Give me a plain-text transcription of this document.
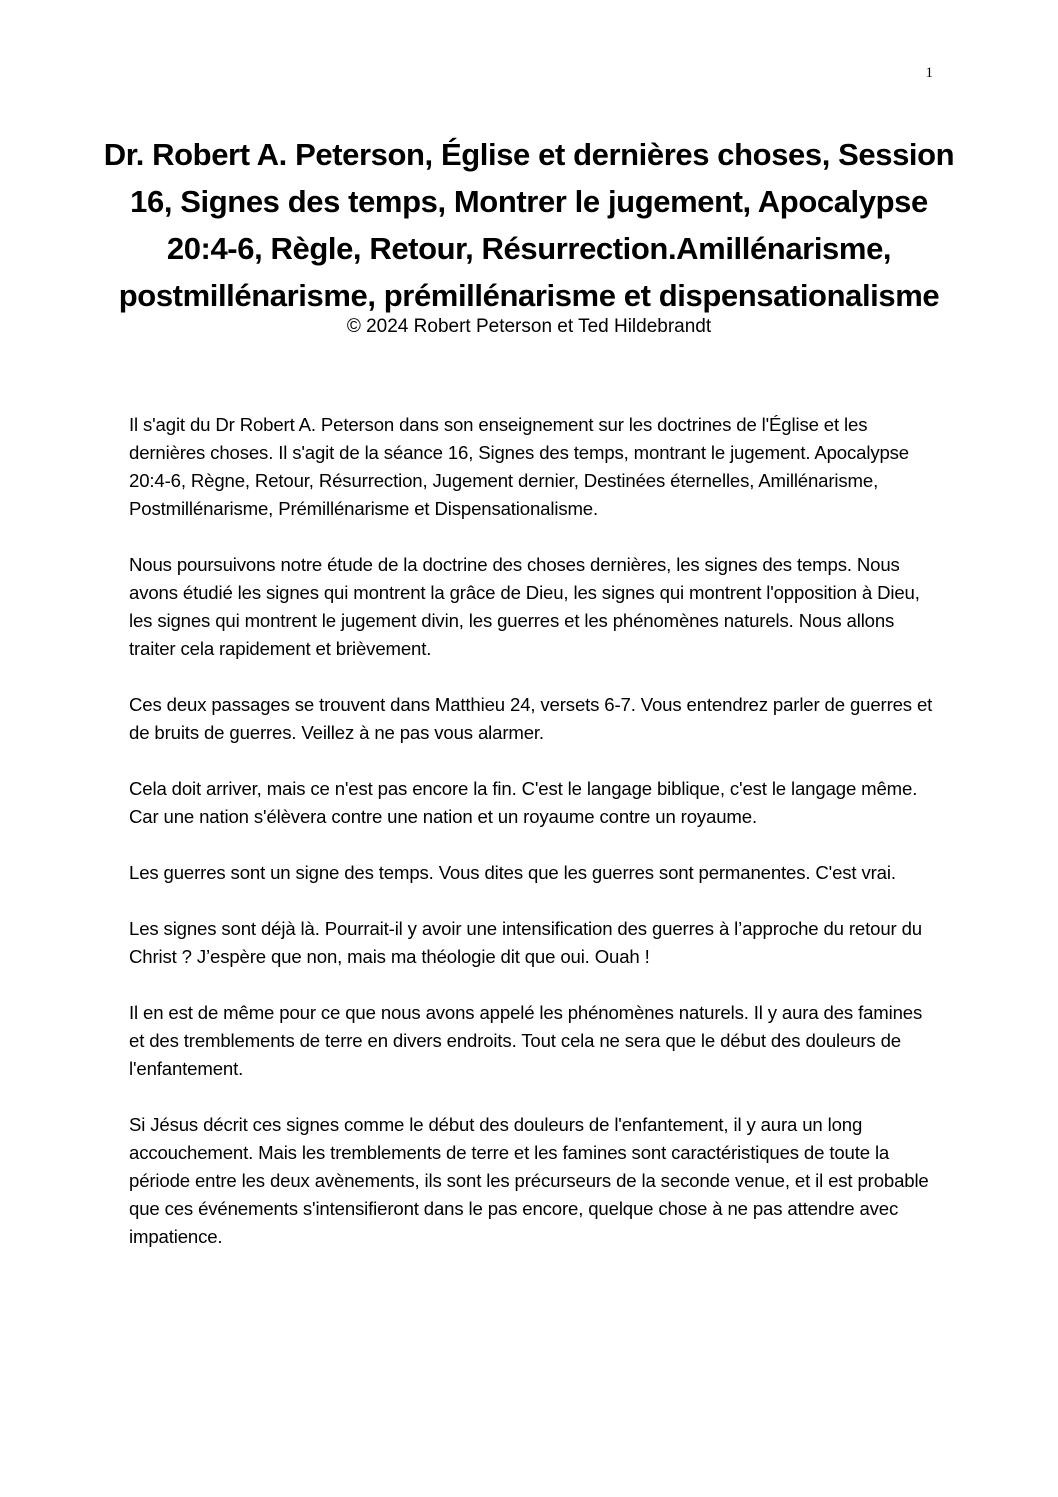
1
Dr. Robert A. Peterson, Église et dernières choses, Session 16, Signes des temps, Montrer le jugement, Apocalypse 20:4-6, Règle, Retour, Résurrection.Amillénarisme, postmillénarisme, prémillénarisme et dispensationalisme

© 2024 Robert Peterson et Ted Hildebrandt

Il s'agit du Dr Robert A. Peterson dans son enseignement sur les doctrines de l'Église et les dernières choses. Il s'agit de la séance 16, Signes des temps, montrant le jugement. Apocalypse 20:4-6, Règne, Retour, Résurrection, Jugement dernier, Destinées éternelles, Amillénarisme, Postmillénarisme, Prémillénarisme et Dispensationalisme.

Nous poursuivons notre étude de la doctrine des choses dernières, les signes des temps. Nous avons étudié les signes qui montrent la grâce de Dieu, les signes qui montrent l'opposition à Dieu, les signes qui montrent le jugement divin, les guerres et les phénomènes naturels. Nous allons traiter cela rapidement et brièvement.

Ces deux passages se trouvent dans Matthieu 24, versets 6-7. Vous entendrez parler de guerres et de bruits de guerres. Veillez à ne pas vous alarmer.

Cela doit arriver, mais ce n'est pas encore la fin. C'est le langage biblique, c'est le langage même. Car une nation s'élèvera contre une nation et un royaume contre un royaume.

Les guerres sont un signe des temps. Vous dites que les guerres sont permanentes. C'est vrai.

Les signes sont déjà là. Pourrait-il y avoir une intensification des guerres à l’approche du retour du Christ ? J’espère que non, mais ma théologie dit que oui. Ouah !

Il en est de même pour ce que nous avons appelé les phénomènes naturels. Il y aura des famines et des tremblements de terre en divers endroits. Tout cela ne sera que le début des douleurs de l'enfantement.

Si Jésus décrit ces signes comme le début des douleurs de l'enfantement, il y aura un long accouchement. Mais les tremblements de terre et les famines sont caractéristiques de toute la période entre les deux avènements, ils sont les précurseurs de la seconde venue, et il est probable que ces événements s'intensifieront dans le pas encore, quelque chose à ne pas attendre avec impatience.
